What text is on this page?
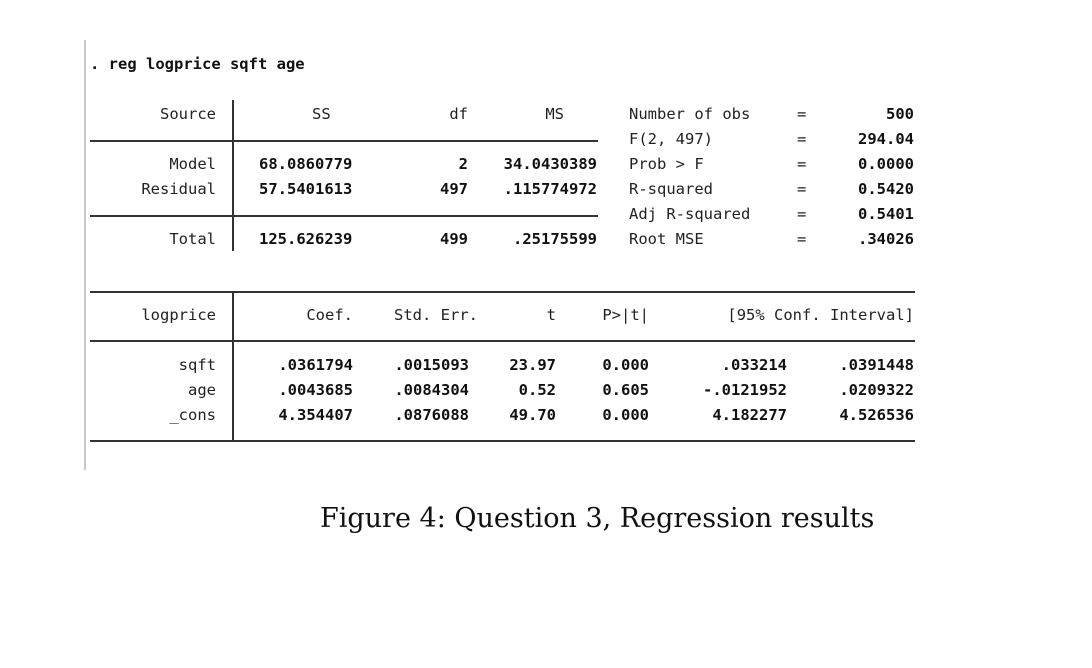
. reg logprice sqft age
Source	SS	df	MS
Model	68.0860779	2 34.0430389
Residual	57.5401613	497 .115774972
Total	125.626239	499	.25175599
Number of obs	=	500
F(2, 497)	=	294.04
Prob > F	=	0.0000
R-squared	=	0.5420
Adj R-squared	=	0.5401
Root MSE	=	.34026
logprice	Coef.	Std. Err.	t	P>|t|	[95% Conf. Interval]
sqft	.0361794	.0015093	23.97	0.000	.033214	.0391448
age	.0043685	.0084304	0.52	0.605	-.0121952	.0209322
_cons	4.354407	.0876088	49.70	0.000	4.182277	4.526536
Figure 4: Question 3, Regression results
